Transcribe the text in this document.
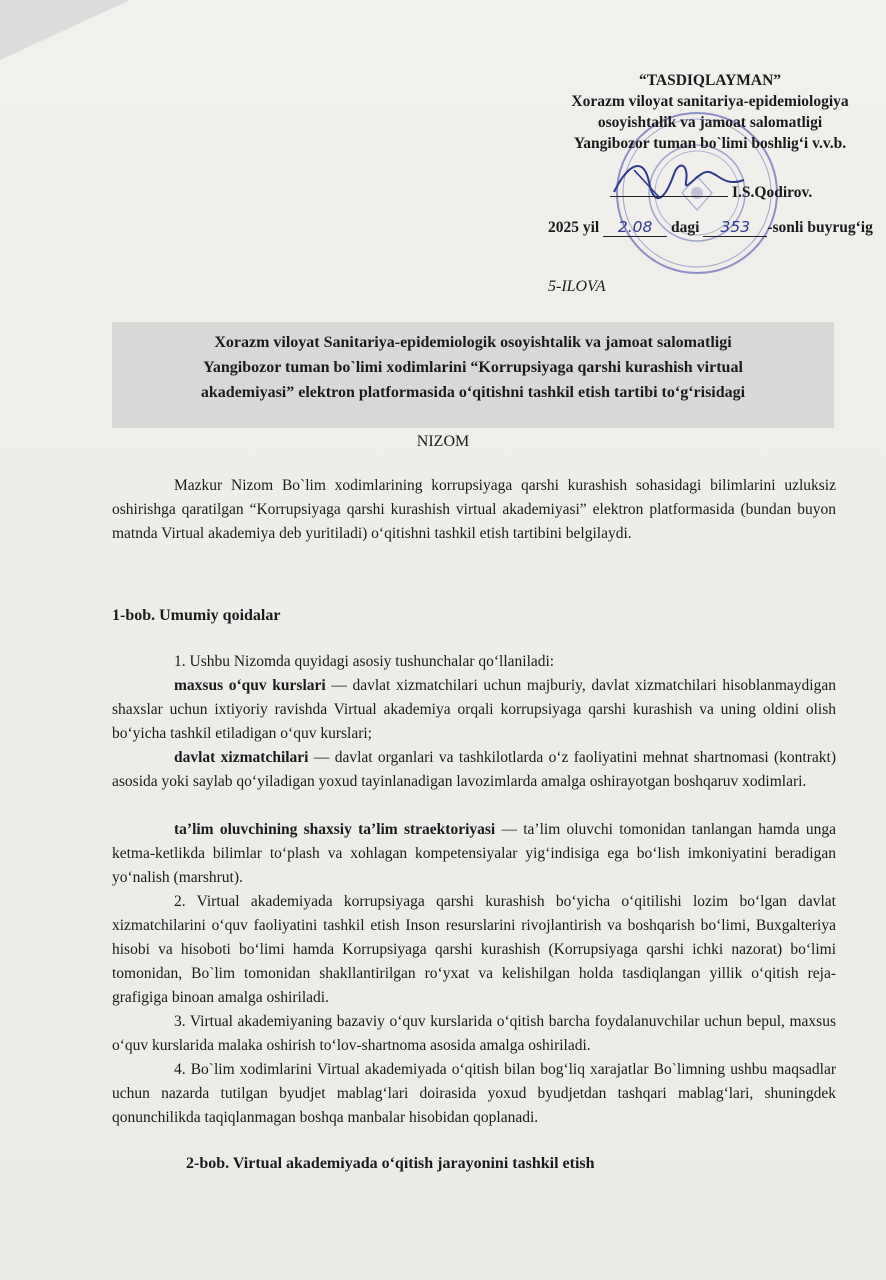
“TASDIQLAYMAN”
Xorazm viloyat sanitariya-epidemiologiya
osoyishtalik va jamoat salomatligi
Yangibozor tuman bo`limi boshlig‘i v.v.b.
I.S.Qodirov.
2025 yil 2.08 dagi 353 -sonli buyrug‘ig
5-ILOVA
Xorazm viloyat Sanitariya-epidemiologik osoyishtalik va jamoat salomatligi
Yangibozor tuman bo`limi xodimlarini “Korrupsiyaga qarshi kurashish virtual
akademiyasi” elektron platformasida o‘qitishni tashkil etish tartibi to‘g‘risidagi
NIZOM
Mazkur Nizom Bo`lim xodimlarining korrupsiyaga qarshi kurashish sohasidagi bilimlarini uzluksiz oshirishga qaratilgan “Korrupsiyaga qarshi kurashish virtual akademiyasi” elektron platformasida (bundan buyon matnda Virtual akademiya deb yuritiladi) o‘qitishni tashkil etish tartibini belgilaydi.
1-bob. Umumiy qoidalar
1. Ushbu Nizomda quyidagi asosiy tushunchalar qo‘llaniladi:
maxsus o‘quv kurslari — davlat xizmatchilari uchun majburiy, davlat xizmatchilari hisoblanmaydigan shaxslar uchun ixtiyoriy ravishda Virtual akademiya orqali korrupsiyaga qarshi kurashish va uning oldini olish bo‘yicha tashkil etiladigan o‘quv kurslari;
davlat xizmatchilari — davlat organlari va tashkilotlarda o‘z faoliyatini mehnat shartnomasi (kontrakt) asosida yoki saylab qo‘yiladigan yoxud tayinlanadigan lavozimlarda amalga oshirayotgan boshqaruv xodimlari.
ta’lim oluvchining shaxsiy ta’lim straektoriyasi — ta’lim oluvchi tomonidan tanlangan hamda unga ketma-ketlikda bilimlar to‘plash va xohlagan kompetensiyalar yig‘indisiga ega bo‘lish imkoniyatini beradigan yo‘nalish (marshrut).
2. Virtual akademiyada korrupsiyaga qarshi kurashish bo‘yicha o‘qitilishi lozim bo‘lgan davlat xizmatchilarini o‘quv faoliyatini tashkil etish Inson resurslarini rivojlantirish va boshqarish bo‘limi, Buxgalteriya hisobi va hisoboti bo‘limi hamda Korrupsiyaga qarshi kurashish (Korrupsiyaga qarshi ichki nazorat) bo‘limi tomonidan, Bo`lim tomonidan shakllantirilgan ro‘yxat va kelishilgan holda tasdiqlangan yillik o‘qitish reja-grafigiga binoan amalga oshiriladi.
3. Virtual akademiyaning bazaviy o‘quv kurslarida o‘qitish barcha foydalanuvchilar uchun bepul, maxsus o‘quv kurslarida malaka oshirish to‘lov-shartnoma asosida amalga oshiriladi.
4. Bo`lim xodimlarini Virtual akademiyada o‘qitish bilan bog‘liq xarajatlar Bo`limning ushbu maqsadlar uchun nazarda tutilgan byudjet mablag‘lari doirasida yoxud byudjetdan tashqari mablag‘lari, shuningdek qonunchilikda taqiqlanmagan boshqa manbalar hisobidan qoplanadi.
2-bob. Virtual akademiyada o‘qitish jarayonini tashkil etish
